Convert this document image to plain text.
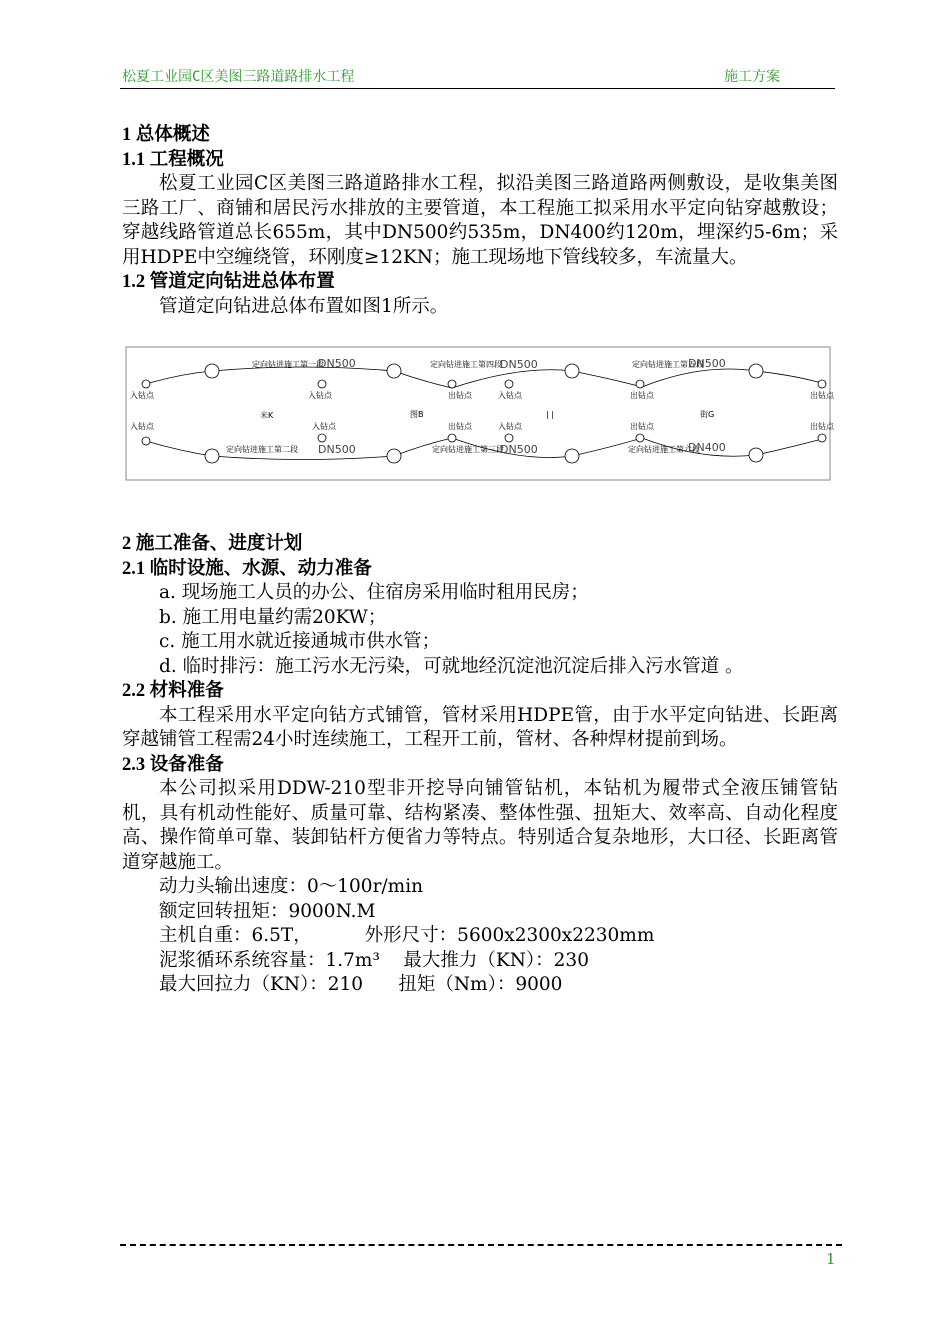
松夏工业园C区美图三路道路排水工程	施工方案
1 总体概述
1.1 工程概况

松夏工业园C区美图三路道路排水工程，拟沿美图三路道路两侧敷设，是收集美图三路工厂、商铺和居民污水排放的主要管道，本工程施工拟采用水平定向钻穿越敷设；穿越线路管道总长655m，其中DN500约535m，DN400约120m，埋深约5-6m；采用HDPE中空缠绕管，环刚度≥12KN；施工现场地下管线较多，车流量大。

1.2 管道定向钻进总体布置

管道定向钻进总体布置如图1所示。

定向钻进施工第一段
DN500	定向钻进施工第四段
DN500	定向钻进施工第五段
DN500
入钻点	入钻点	出钻点	入钻点	出钻点	出钻点
米K	图B	| |	街G
入钻点	入钻点	出钻点	入钻点	出钻点	出钻点
定向钻进施工第二段 DN500	定向钻进施工第三段
DN500	定向钻进施工第六段
DN400
2 施工准备、进度计划
2.1 临时设施、水源、动力准备

a. 现场施工人员的办公、住宿房采用临时租用民房；

b. 施工用电量约需20KW；

c. 施工用水就近接通城市供水管；

d. 临时排污：施工污水无污染，可就地经沉淀池沉淀后排入污水管道 。

2.2 材料准备

本工程采用水平定向钻方式铺管，管材采用HDPE管，由于水平定向钻进、长距离穿越铺管工程需24小时连续施工，工程开工前，管材、各种焊材提前到场。

2.3 设备准备

本公司拟采用DDW-210型非开挖导向铺管钻机，本钻机为履带式全液压铺管钻机，具有机动性能好、质量可靠、结构紧凑、整体性强、扭矩大、效率高、自动化程度高、操作简单可靠、装卸钻杆方便省力等特点。特别适合复杂地形，大口径、长距离管道穿越施工。

动力头输出速度：0～100r/min

额定回转扭矩：9000N.M

主机自重：6.5T，         外形尺寸：5600x2300x2230mm

泥浆循环系统容量：1.7m³    最大推力（KN）：230

最大回拉力（KN）：210      扭矩（Nm）：9000

1
